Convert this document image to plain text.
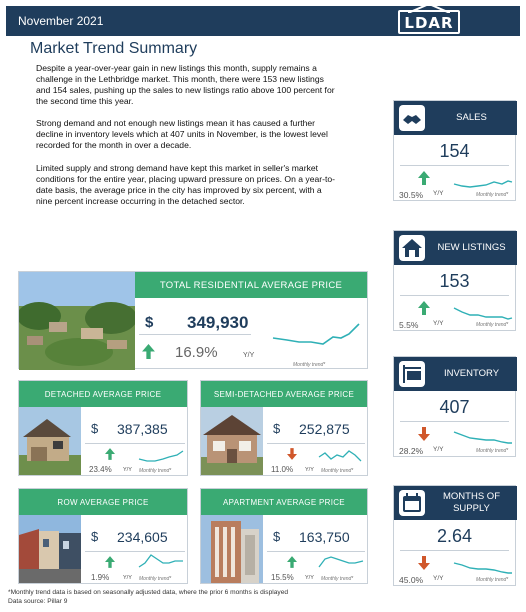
November 2021	LDAR
Market Trend Summary

Despite a year-over-year gain in new listings this month, supply remains a challenge in the Lethbridge market. This month, there were 153 new listings and 154 sales, pushing up the sales to new listings ratio above 100 percent for the second time this year.

Strong demand and not enough new listings mean it has caused a further decline in inventory levels which at 407 units in November, is the lowest level recorded for the month in over a decade.

Limited supply and strong demand have kept this market in seller's market conditions for the entire year, placing upward pressure on prices. On a year-to-date basis, the average price in the city has improved by six percent, with a nine percent increase occurring in the detached sector.

SALES
154
30.5% Y/Y	Monthly trend*
NEW LISTINGS
153
5.5% Y/Y	Monthly trend*
INVENTORY
407
28.2% Y/Y	Monthly trend*
MONTHS OF SUPPLY
2.64
45.0% Y/Y	Monthly trend*
TOTAL RESIDENTIAL AVERAGE PRICE
$ 349,930
16.9%	Y/Y
Monthly trend*
DETACHED AVERAGE PRICE
$ 387,385
23.4% Y/Y Monthly trend*
SEMI-DETACHED AVERAGE PRICE
$ 252,875
11.0% Y/Y Monthly trend*
ROW AVERAGE PRICE
$ 234,605
1.9%	Y/Y Monthly trend*
APARTMENT AVERAGE PRICE
$ 163,750
15.5% Y/Y Monthly trend*
*Monthly trend data is based on seasonally adjusted data, where the prior 6 months is displayed
Data source: Pillar 9
